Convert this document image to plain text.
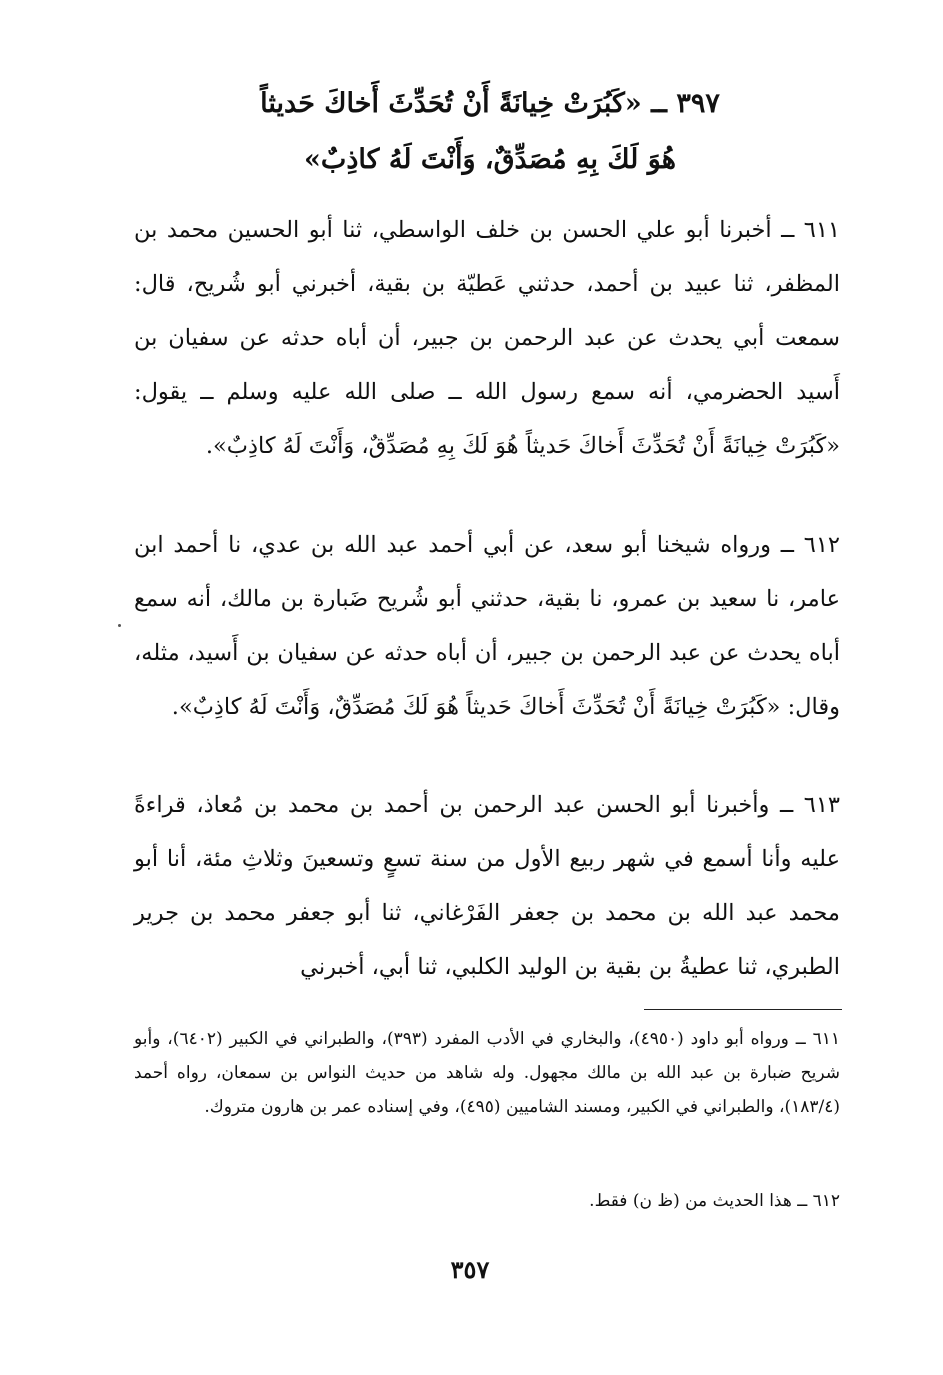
٣٩٧ ــ «كَبُرَتْ خِيانَةً أَنْ تُحَدِّثَ أَخاكَ حَديثاً هُوَ لَكَ بِهِ مُصَدِّقٌ، وَأَنْتَ لَهُ كاذِبٌ»

٦١١ ــ أخبرنا أبو علي الحسن بن خلف الواسطي، ثنا أبو الحسين محمد بن المظفر، ثنا عبيد بن أحمد، حدثني عَطيّة بن بقية، أخبرني أبو شُريح، قال: سمعت أبي يحدث عن عبد الرحمن بن جبير، أن أباه حدثه عن سفيان بن أَسيد الحضرمي، أنه سمع رسول الله ــ صلى الله عليه وسلم ــ يقول: «كَبُرَتْ خِيانَةً أَنْ تُحَدِّثَ أَخاكَ حَديثاً هُوَ لَكَ بِهِ مُصَدِّقٌ، وَأَنْتَ لَهُ كاذِبٌ».

٦١٢ ــ ورواه شيخنا أبو سعد، عن أبي أحمد عبد الله بن عدي، نا أحمد ابن عامر، نا سعيد بن عمرو، نا بقية، حدثني أبو شُريح ضَبارة بن مالك، أنه سمع أباه يحدث عن عبد الرحمن بن جبير، أن أباه حدثه عن سفيان بن أَسيد، مثله، وقال: «كَبُرَتْ خِيانَةً أَنْ تُحَدِّثَ أَخاكَ حَديثاً هُوَ لَكَ مُصَدِّقٌ، وَأَنْتَ لَهُ كاذِبٌ».

٦١٣ ــ وأخبرنا أبو الحسن عبد الرحمن بن أحمد بن محمد بن مُعاذ، قراءةً عليه وأنا أسمع في شهر ربيع الأول من سنة تسعٍ وتسعينَ وثلاثِ مئة، أنا أبو محمد عبد الله بن محمد بن جعفر الفَرْغاني، ثنا أبو جعفر محمد بن جرير الطبري، ثنا عطيةُ بن بقية بن الوليد الكلبي، ثنا أبي، أخبرني

٦١١ ــ ورواه أبو داود (٤٩٥٠)، والبخاري في الأدب المفرد (٣٩٣)، والطبراني في الكبير (٦٤٠٢)، وأبو شريح ضبارة بن عبد الله بن مالك مجهول. وله شاهد من حديث النواس بن سمعان، رواه أحمد (١٨٣/٤)، والطبراني في الكبير، ومسند الشاميين (٤٩٥)، وفي إسناده عمر بن هارون متروك.

٦١٢ ــ هذا الحديث من (ظ ن) فقط.

٣٥٧
